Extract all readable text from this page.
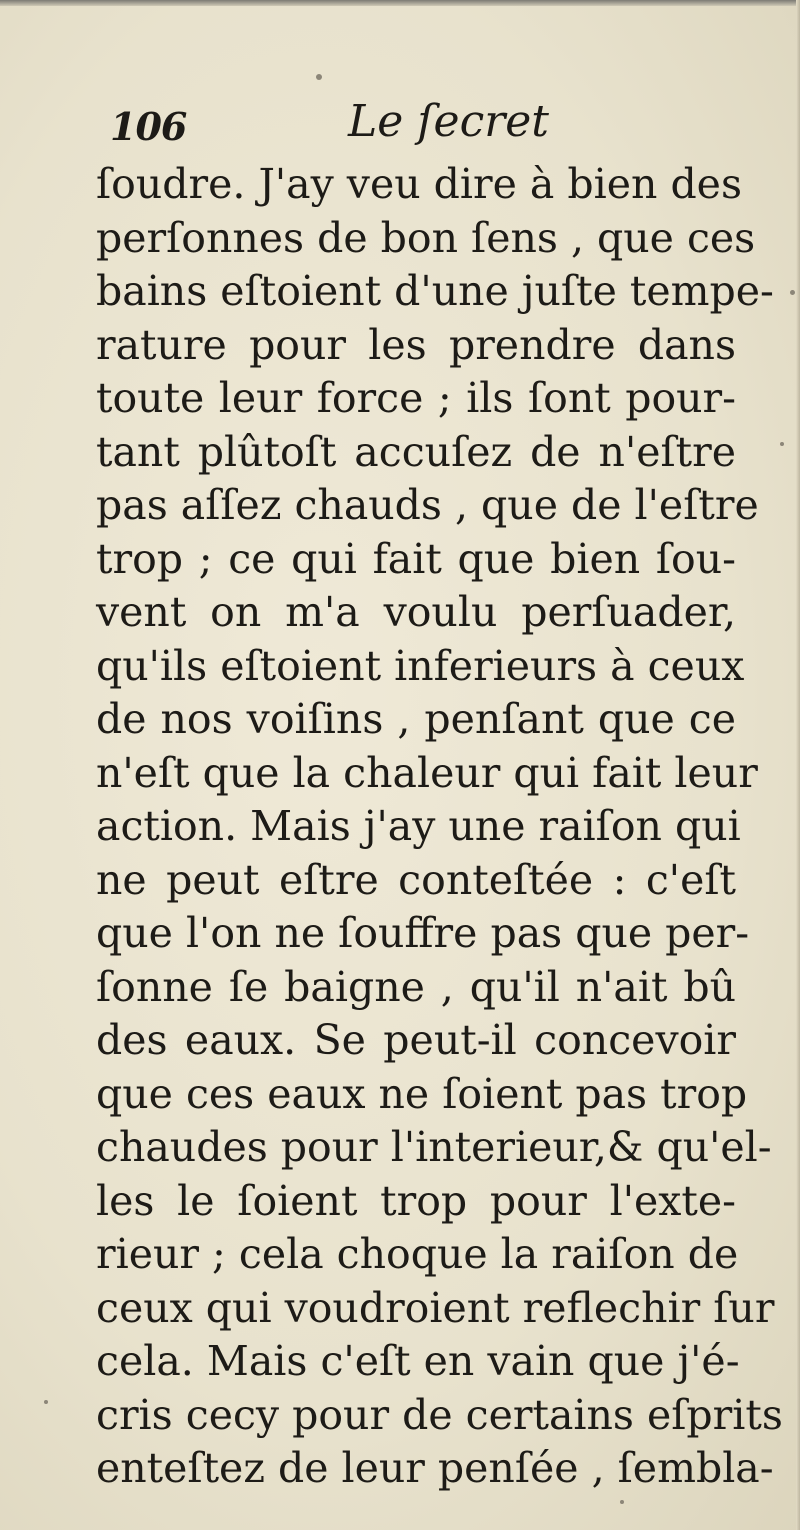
106	Le ſecret
ſoudre. J'ay veu dire à bien des
perſonnes de bon ſens , que ces
bains eſtoient d'une juſte tempe-
rature pour les prendre dans
toute leur force ; ils ſont pour-
tant plûtoſt accuſez de n'eſtre
pas aſſez chauds , que de l'eſtre
trop ; ce qui fait que bien ſou-
vent on m'a voulu perſuader,
qu'ils eſtoient inferieurs à ceux
de nos voiſins , penſant que ce
n'eſt que la chaleur qui fait leur
action. Mais j'ay une raiſon qui
ne peut eſtre conteſtée : c'eſt
que l'on ne ſouffre pas que per-
ſonne ſe baigne , qu'il n'ait bû
des eaux. Se peut-il concevoir
que ces eaux ne ſoient pas trop
chaudes pour l'interieur,& qu'el-
les le ſoient trop pour l'exte-
rieur ; cela choque la raiſon de
ceux qui voudroient reflechir ſur
cela. Mais c'eſt en vain que j'é-
cris cecy pour de certains eſprits
enteſtez de leur penſée , ſembla-
